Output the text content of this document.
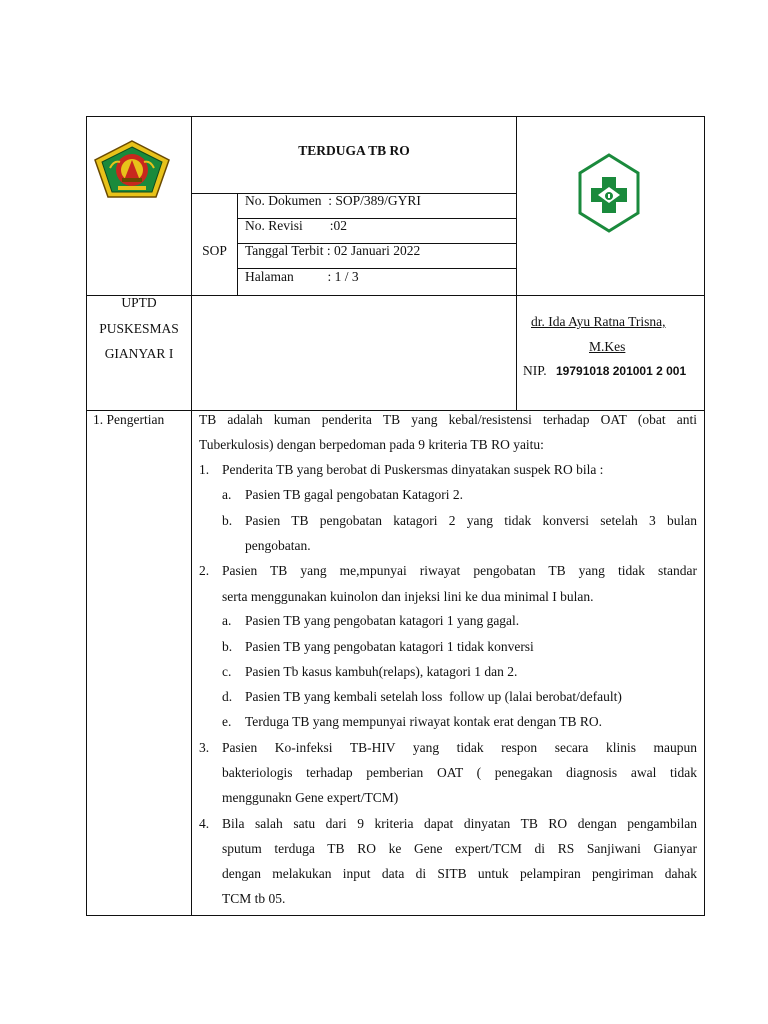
TERDUGA TB RO
SOP
No. Dokumen  : SOP/389/GYRI
No. Revisi        :02
Tanggal Terbit : 02 Januari 2022
Halaman          : 1 / 3
UPTD
PUSKESMAS
GIANYAR I
dr. Ida Ayu Ratna Trisna,
M.Kes
NIP. 19791018 201001 2 001
1. Pengertian	TB adalah kuman penderita TB yang kebal/resistensi terhadap OAT (obat anti
Tuberkulosis) dengan berpedoman pada 9 kriteria TB RO yaitu:
1. Penderita TB yang berobat di Puskersmas dinyatakan suspek RO bila :
a. Pasien TB gagal pengobatan Katagori 2.
b. Pasien TB pengobatan katagori 2 yang tidak konversi setelah 3 bulan
pengobatan.
2. Pasien TB yang me,mpunyai riwayat pengobatan TB yang tidak standar
serta menggunakan kuinolon dan injeksi lini ke dua minimal I bulan.
a. Pasien TB yang pengobatan katagori 1 yang gagal.
b. Pasien TB yang pengobatan katagori 1 tidak konversi
c. Pasien Tb kasus kambuh(relaps), katagori 1 dan 2.
d. Pasien TB yang kembali setelah loss  follow up (lalai berobat/default)
e. Terduga TB yang mempunyai riwayat kontak erat dengan TB RO.
3. Pasien Ko-infeksi TB-HIV yang tidak respon secara klinis maupun
bakteriologis terhadap pemberian OAT ( penegakan diagnosis awal tidak
menggunakn Gene expert/TCM)
4. Bila salah satu dari 9 kriteria dapat dinyatan TB RO dengan pengambilan
sputum terduga TB RO ke Gene expert/TCM di RS Sanjiwani Gianyar
dengan melakukan input data di SITB untuk pelampiran pengiriman dahak
TCM tb 05.
